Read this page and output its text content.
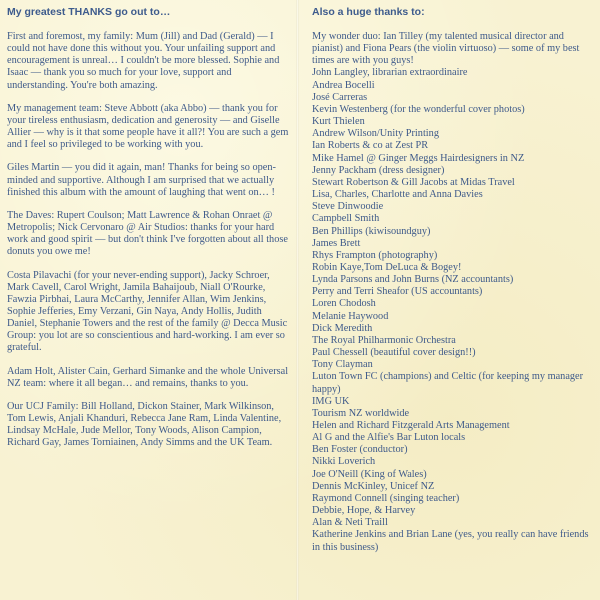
My greatest THANKS go out to…

First and foremost, my family: Mum (Jill) and Dad (Gerald) — I could not have done this without you. Your unfailing support and encouragement is unreal… I couldn't be more blessed. Sophie and Isaac — thank you so much for your love, support and understanding. You're both amazing.

My management team: Steve Abbott (aka Abbo) — thank you for your tireless enthusiasm, dedication and generosity — and Giselle Allier — why is it that some people have it all?! You are such a gem and I feel so privileged to be working with you.

Giles Martin — you did it again, man! Thanks for being so open-minded and supportive. Although I am surprised that we actually finished this album with the amount of laughing that went on… !

The Daves: Rupert Coulson; Matt Lawrence & Rohan Onraet @ Metropolis; Nick Cervonaro @ Air Studios: thanks for your hard work and good spirit — but don't think I've forgotten about all those donuts you owe me!

Costa Pilavachi (for your never-ending support), Jacky Schroer, Mark Cavell, Carol Wright, Jamila Bahaijoub, Niall O'Rourke, Fawzia Pirbhai, Laura McCarthy, Jennifer Allan, Wim Jenkins, Sophie Jefferies, Emy Verzani, Gin Naya, Andy Hollis, Judith Daniel, Stephanie Towers and the rest of the family @ Decca Music Group: you lot are so conscientious and hard-working. I am ever so grateful.

Adam Holt, Alister Cain, Gerhard Simanke and the whole Universal NZ team: where it all began… and remains, thanks to you.

Our UCJ Family: Bill Holland, Dickon Stainer, Mark Wilkinson, Tom Lewis, Anjali Khanduri, Rebecca Jane Ram, Linda Valentine, Lindsay McHale, Jude Mellor, Tony Woods, Alison Campion, Richard Gay, James Torniainen, Andy Simms and the UK Team.

Also a huge thanks to:
My wonder duo: Ian Tilley (my talented musical director and pianist) and Fiona Pears (the violin virtuoso) — some of my best times are with you guys!
John Langley, librarian extraordinaire
Andrea Bocelli
José Carreras
Kevin Westenberg (for the wonderful cover photos)
Kurt Thielen
Andrew Wilson/Unity Printing
Ian Roberts & co at Zest PR
Mike Hamel @ Ginger Meggs Hairdesigners in NZ
Jenny Packham (dress designer)
Stewart Robertson & Gill Jacobs at Midas Travel
Lisa, Charles, Charlotte and Anna Davies
Steve Dinwoodie
Campbell Smith
Ben Phillips (kiwisoundguy)
James Brett
Rhys Frampton (photography)
Robin Kaye,Tom DeLuca & Bogey!
Lynda Parsons and John Burns (NZ accountants)
Perry and Terri Sheafor (US accountants)
Loren Chodosh
Melanie Haywood
Dick Meredith
The Royal Philharmonic Orchestra
Paul Chessell (beautiful cover design!!)
Tony Clayman
Luton Town FC (champions) and Celtic (for keeping my manager happy)
IMG UK
Tourism NZ worldwide
Helen and Richard Fitzgerald Arts Management
Al G and the Alfie's Bar Luton locals
Ben Foster (conductor)
Nikki Loverich
Joe O'Neill (King of Wales)
Dennis McKinley, Unicef NZ
Raymond Connell (singing teacher)
Debbie, Hope, & Harvey
Alan & Neti Traill
Katherine Jenkins and Brian Lane (yes, you really can have friends in this business)
